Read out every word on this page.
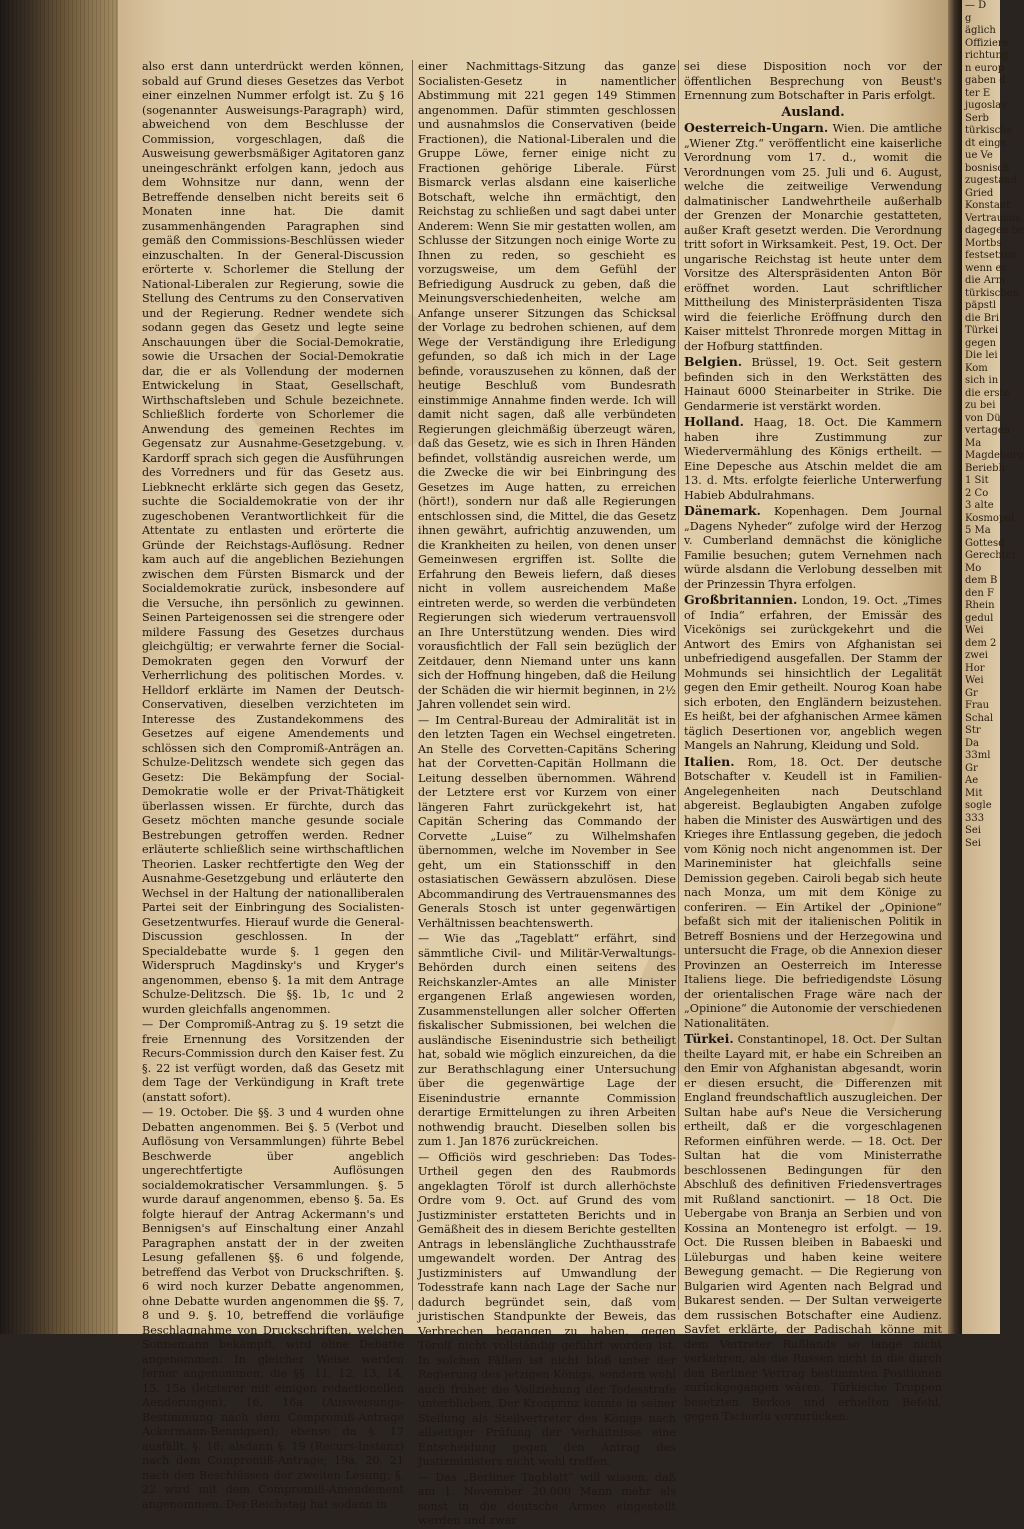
also erst dann unterdrückt werden können, sobald auf Grund dieses Gesetzes das Verbot einer einzelnen Nummer erfolgt ist. Zu § 16 (sogenannter Ausweisungs-Paragraph) wird, abweichend von dem Beschlusse der Commission, vorgeschlagen, daß die Ausweisung gewerbsmäßiger Agitatoren ganz uneingeschränkt erfolgen kann, jedoch aus dem Wohnsitze nur dann, wenn der Betreffende denselben nicht bereits seit 6 Monaten inne hat. Die damit zusammenhängenden Paragraphen sind gemäß den Commissions-Beschlüssen wieder einzuschalten. In der General-Discussion erörterte v. Schorlemer die Stellung der National-Liberalen zur Regierung, sowie die Stellung des Centrums zu den Conservativen und der Regierung. Redner wendete sich sodann gegen das Gesetz und legte seine Anschauungen über die Social-Demokratie, sowie die Ursachen der Social-Demokratie dar, die er als Vollendung der modernen Entwickelung in Staat, Gesellschaft, Wirthschaftsleben und Schule bezeichnete. Schließlich forderte von Schorlemer die Anwendung des gemeinen Rechtes im Gegensatz zur Ausnahme-Gesetzgebung. v. Kardorff sprach sich gegen die Ausführungen des Vorredners und für das Gesetz aus. Liebknecht erklärte sich gegen das Gesetz, suchte die Socialdemokratie von der ihr zugeschobenen Verantwortlichkeit für die Attentate zu entlasten und erörterte die Gründe der Reichstags-Auflösung. Redner kam auch auf die angeblichen Beziehungen zwischen dem Fürsten Bismarck und der Socialdemokratie zurück, insbesondere auf die Versuche, ihn persönlich zu gewinnen. Seinen Parteigenossen sei die strengere oder mildere Fassung des Gesetzes durchaus gleichgültig; er verwahrte ferner die Social-Demokraten gegen den Vorwurf der Verherrlichung des politischen Mordes. v. Helldorf erklärte im Namen der Deutsch-Conservativen, dieselben verzichteten im Interesse des Zustandekommens des Gesetzes auf eigene Amendements und schlössen sich den Compromiß-Anträgen an. Schulze-Delitzsch wendete sich gegen das Gesetz: Die Bekämpfung der Social-Demokratie wolle er der Privat-Thätigkeit überlassen wissen. Er fürchte, durch das Gesetz möchten manche gesunde sociale Bestrebungen getroffen werden. Redner erläuterte schließlich seine wirthschaftlichen Theorien. Lasker rechtfertigte den Weg der Ausnahme-Gesetzgebung und erläuterte den Wechsel in der Haltung der nationalliberalen Partei seit der Einbringung des Socialisten-Gesetzentwurfes. Hierauf wurde die General-Discussion geschlossen. In der Specialdebatte wurde §. 1 gegen den Widerspruch Magdinsky's und Kryger's angenommen, ebenso §. 1a mit dem Antrage Schulze-Delitzsch. Die §§. 1b, 1c und 2 wurden gleichfalls angenommen.

— Der Compromiß-Antrag zu §. 19 setzt die freie Ernennung des Vorsitzenden der Recurs-Commission durch den Kaiser fest. Zu §. 22 ist verfügt worden, daß das Gesetz mit dem Tage der Verkündigung in Kraft trete (anstatt sofort).

— 19. October. Die §§. 3 und 4 wurden ohne Debatten angenommen. Bei §. 5 (Verbot und Auflösung von Versammlungen) führte Bebel Beschwerde über angeblich ungerechtfertigte Auflösungen socialdemokratischer Versammlungen. §. 5 wurde darauf angenommen, ebenso §. 5a. Es folgte hierauf der Antrag Ackermann's und Bennigsen's auf Einschaltung einer Anzahl Paragraphen anstatt der in der zweiten Lesung gefallenen §§. 6 und folgende, betreffend das Verbot von Druckschriften. §. 6 wird noch kurzer Debatte angenommen, ohne Debatte wurden angenommen die §§. 7, 8 und 9. §. 10, betreffend die vorläufige Beschlagnahme von Druckschriften, welchen Sonnemann bekämpft, wird ohne Debatte angenommen. In gleicher Weise werden ferner angenommen, die §§. 11, 12, 13, 14, 15, 15a (letzterer mit einigen redactionellen Aenderungen), 16, 16a (Ausweisungs-Bestimmung nach dem Compromiß-Antrage Ackermann-Bennigsen); ebenso da §. 17 ausfällt, §. 18; alsdann §. 19 (Recurs-Instanz) nach dem Compromiß-Antrage; 19a, 20, 21 nach den Beschlüssen der zweiten Lesung; §. 22 wird mit dem Compromiß-Amendement angenommen. Der Reichstag hat sodann in

einer Nachmittags-Sitzung das ganze Socialisten-Gesetz in namentlicher Abstimmung mit 221 gegen 149 Stimmen angenommen. Dafür stimmten geschlossen und ausnahmslos die Conservativen (beide Fractionen), die National-Liberalen und die Gruppe Löwe, ferner einige nicht zu Fractionen gehörige Liberale. Fürst Bismarck verlas alsdann eine kaiserliche Botschaft, welche ihn ermächtigt, den Reichstag zu schließen und sagt dabei unter Anderem: Wenn Sie mir gestatten wollen, am Schlusse der Sitzungen noch einige Worte zu Ihnen zu reden, so geschieht es vorzugsweise, um dem Gefühl der Befriedigung Ausdruck zu geben, daß die Meinungsverschiedenheiten, welche am Anfange unserer Sitzungen das Schicksal der Vorlage zu bedrohen schienen, auf dem Wege der Verständigung ihre Erledigung gefunden, so daß ich mich in der Lage befinde, vorauszusehen zu können, daß der heutige Beschluß vom Bundesrath einstimmige Annahme finden werde. Ich will damit nicht sagen, daß alle verbündeten Regierungen gleichmäßig überzeugt wären, daß das Gesetz, wie es sich in Ihren Händen befindet, vollständig ausreichen werde, um die Zwecke die wir bei Einbringung des Gesetzes im Auge hatten, zu erreichen (hört!), sondern nur daß alle Regierungen entschlossen sind, die Mittel, die das Gesetz ihnen gewährt, aufrichtig anzuwenden, um die Krankheiten zu heilen, von denen unser Gemeinwesen ergriffen ist. Sollte die Erfahrung den Beweis liefern, daß dieses nicht in vollem ausreichendem Maße eintreten werde, so werden die verbündeten Regierungen sich wiederum vertrauensvoll an Ihre Unterstützung wenden. Dies wird vorausfichtlich der Fall sein bezüglich der Zeitdauer, denn Niemand unter uns kann sich der Hoffnung hingeben, daß die Heilung der Schäden die wir hiermit beginnen, in 2½ Jahren vollendet sein wird.

— Im Central-Bureau der Admiralität ist in den letzten Tagen ein Wechsel eingetreten. An Stelle des Corvetten-Capitäns Schering hat der Corvetten-Capitän Hollmann die Leitung desselben übernommen. Während der Letztere erst vor Kurzem von einer längeren Fahrt zurückgekehrt ist, hat Capitän Schering das Commando der Corvette „Luise“ zu Wilhelmshafen übernommen, welche im November in See geht, um ein Stationsschiff in den ostasiatischen Gewässern abzulösen. Diese Abcommandirung des Vertrauensmannes des Generals Stosch ist unter gegenwärtigen Verhältnissen beachtenswerth.

— Wie das „Tageblatt“ erfährt, sind sämmtliche Civil- und Militär-Verwaltungs-Behörden durch einen seitens des Reichskanzler-Amtes an alle Minister ergangenen Erlaß angewiesen worden, Zusammenstellungen aller solcher Offerten fiskalischer Submissionen, bei welchen die ausländische Eisenindustrie sich betheiligt hat, sobald wie möglich einzureichen, da die zur Berathschlagung einer Untersuchung über die gegenwärtige Lage der Eisenindustrie ernannte Commission derartige Ermittelungen zu ihren Arbeiten nothwendig braucht. Dieselben sollen bis zum 1. Jan 1876 zurückreichen.

— Officiös wird geschrieben: Das Todes-Urtheil gegen den des Raubmords angeklagten Törolf ist durch allerhöchste Ordre vom 9. Oct. auf Grund des vom Justizminister erstatteten Berichts und in Gemäßheit des in diesem Berichte gestellten Antrags in lebenslängliche Zuchthausstrafe umgewandelt worden. Der Antrag des Justizministers auf Umwandlung der Todesstrafe kann nach Lage der Sache nur dadurch begründet sein, daß vom juristischen Standpunkte der Beweis, das Verbrechen begangen zu haben, gegen Törolf nicht vollständig geführt worden ist. In solchen Fällen ist nicht bloß unter der Regierung des jetzigen Königs, sondern wohl auch früher die Vollziehung der Todesstrafe unterblieben. Der Kronprinz konnte in seiner Stellung als Stellvertreter des Königs nach allseitiger Prüfung der Verhältnisse eine Entscheidung gegen den Antrag des Justizministers nicht wohl treffen.

— Das „Berliner Tagblatt“ will wissen, daß am 1. November 20,000 Mann mehr als sonst in die deutsche Armee eingestellt werden und zwar

sei diese Disposition noch vor der öffentlichen Besprechung von Beust's Ernennung zum Botschafter in Paris erfolgt.

Ausland.

Oesterreich-Ungarn. Wien. Die amtliche „Wiener Ztg.“ veröffentlicht eine kaiserliche Verordnung vom 17. d., womit die Verordnungen vom 25. Juli und 6. August, welche die zeitweilige Verwendung dalmatinischer Landwehrtheile außerhalb der Grenzen der Monarchie gestatteten, außer Kraft gesetzt werden. Die Verordnung tritt sofort in Wirksamkeit. Pest, 19. Oct. Der ungarische Reichstag ist heute unter dem Vorsitze des Alterspräsidenten Anton Bör eröffnet worden. Laut schriftlicher Mittheilung des Ministerpräsidenten Tisza wird die feierliche Eröffnung durch den Kaiser mittelst Thronrede morgen Mittag in der Hofburg stattfinden.

Belgien. Brüssel, 19. Oct. Seit gestern befinden sich in den Werkstätten des Hainaut 6000 Steinarbeiter in Strike. Die Gendarmerie ist verstärkt worden.

Holland. Haag, 18. Oct. Die Kammern haben ihre Zustimmung zur Wiedervermählung des Königs ertheilt. — Eine Depesche aus Atschin meldet die am 13. d. Mts. erfolgte feierliche Unterwerfung Habieb Abdulrahmans.

Dänemark. Kopenhagen. Dem Journal „Dagens Nyheder“ zufolge wird der Herzog v. Cumberland demnächst die königliche Familie besuchen; gutem Vernehmen nach würde alsdann die Verlobung desselben mit der Prinzessin Thyra erfolgen.

Großbritannien. London, 19. Oct. „Times of India“ erfahren, der Emissär des Vicekönigs sei zurückgekehrt und die Antwort des Emirs von Afghanistan sei unbefriedigend ausgefallen. Der Stamm der Mohmunds sei hinsichtlich der Legalität gegen den Emir getheilt. Nourog Koan habe sich erboten, den Engländern beizustehen. Es heißt, bei der afghanischen Armee kämen täglich Desertionen vor, angeblich wegen Mangels an Nahrung, Kleidung und Sold.

Italien. Rom, 18. Oct. Der deutsche Botschafter v. Keudell ist in Familien-Angelegenheiten nach Deutschland abgereist. Beglaubigten Angaben zufolge haben die Minister des Auswärtigen und des Krieges ihre Entlassung gegeben, die jedoch vom König noch nicht angenommen ist. Der Marineminister hat gleichfalls seine Demission gegeben. Cairoli begab sich heute nach Monza, um mit dem Könige zu conferiren. — Ein Artikel der „Opinione“ befaßt sich mit der italienischen Politik in Betreff Bosniens und der Herzegowina und untersucht die Frage, ob die Annexion dieser Provinzen an Oesterreich im Interesse Italiens liege. Die befriedigendste Lösung der orientalischen Frage wäre nach der „Opinione“ die Autonomie der verschiedenen Nationalitäten.

Türkei. Constantinopel, 18. Oct. Der Sultan theilte Layard mit, er habe ein Schreiben an den Emir von Afghanistan abgesandt, worin er diesen ersucht, die Differenzen mit England freundschaftlich auszugleichen. Der Sultan habe auf's Neue die Versicherung ertheilt, daß er die vorgeschlagenen Reformen einführen werde. — 18. Oct. Der Sultan hat die vom Ministerrathe beschlossenen Bedingungen für den Abschluß des definitiven Friedensvertrages mit Rußland sanctionirt. — 18 Oct. Die Uebergabe von Branja an Serbien und von Kossina an Montenegro ist erfolgt. — 19. Oct. Die Russen bleiben in Babaeski und Lüleburgas und haben keine weitere Bewegung gemacht. — Die Regierung von Bulgarien wird Agenten nach Belgrad und Bukarest senden. — Der Sultan verweigerte dem russischen Botschafter eine Audienz. Savfet erklärte, der Padischah könne mit dem Vertreter Rußlands so lange nicht verkehren, als die Russen nicht in die durch den Berliner Vertrag bestimmten Positionen zurückgegangen wären. Türkische Truppen besetzten Berkos und erhielten Befehl, gegen Tschorlu vorzurücken.

— D
g
äglich
Offiziere
richtung
n europ
gaben d
ter E
jugoslav
Serb
türkische
dt einge
ue Ve
bosnisch
zugestand
Gried
Konstant
Vertrauens
dagegen be
Mortbs
festsetzen
wenn er
die Arm
türkischen
päpstl
die Bri
Türkei
gegen
Die lei
Kom
sich in
die erste
zu bei
von Dü
vertagen
Ma
Magdeburg
Beriebh
1 Sit
2 Co
3 alte
Kosmopol
5 Ma
Gottesd
Gerechter
Mo
dem B
den F
Rhein
gedul
Wei
dem 2
zwei
Hor
Wei
Gr
Frau
Schal
Str
Da
33ml
Gr
Ae
Mit
sogle
333
Sei
Sei
